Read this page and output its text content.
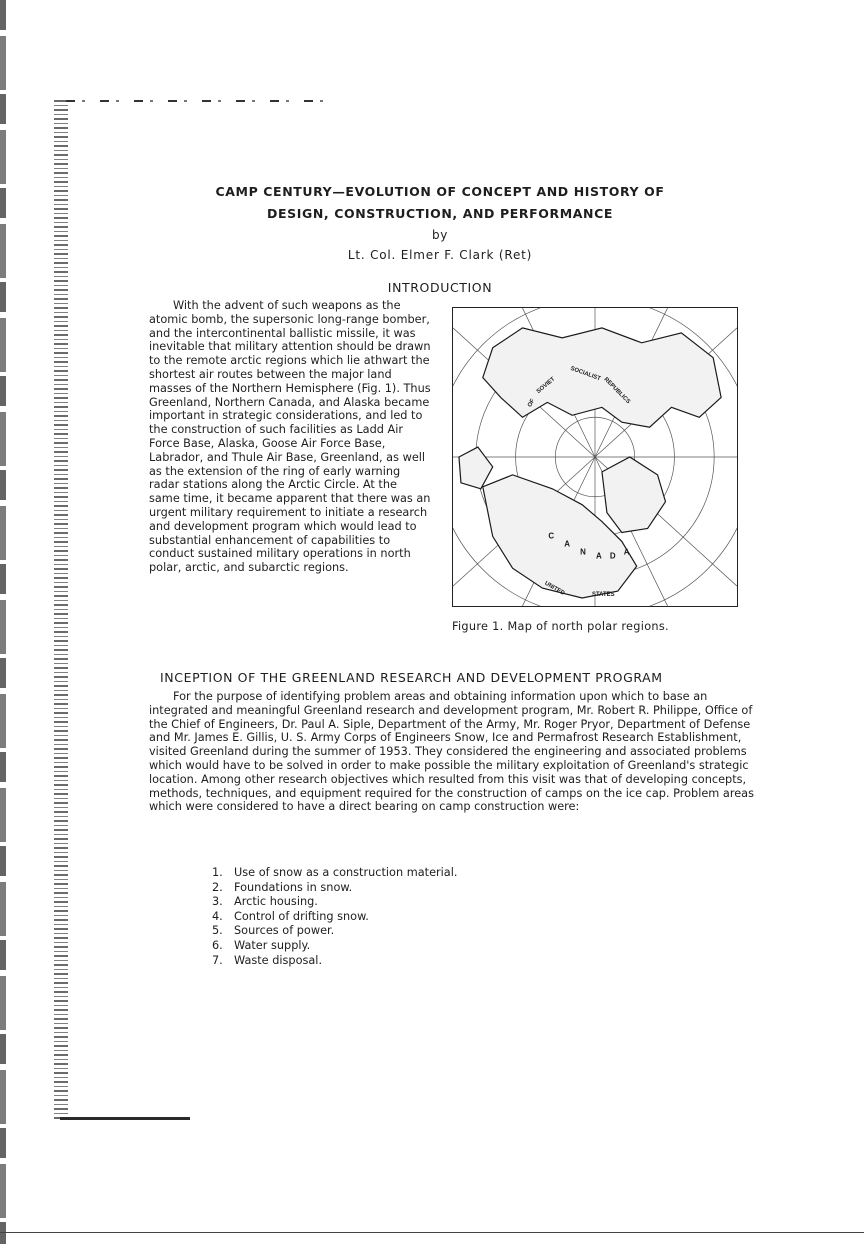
CAMP CENTURY—EVOLUTION OF CONCEPT AND HISTORY OF
DESIGN, CONSTRUCTION, AND PERFORMANCE

by

Lt. Col. Elmer F. Clark (Ret)

INTRODUCTION

With the advent of such weapons as the atomic bomb, the supersonic long-range bomber, and the intercontinental ballistic missile, it was inevitable that military attention should be drawn to the remote arctic regions which lie athwart the shortest air routes between the major land masses of the Northern Hemisphere (Fig. 1). Thus Greenland, Northern Canada, and Alaska became important in strategic considerations, and led to the construction of such facilities as Ladd Air Force Base, Alaska, Goose Air Force Base, Labrador, and Thule Air Base, Greenland, as well as the extension of the ring of early warning radar stations along the Arctic Circle. At the same time, it became apparent that there was an urgent military requirement to initiate a research and development program which would lead to substantial enhancement of capabilities to conduct sustained military operations in north polar, arctic, and subarctic regions.

SOCIALIST
REPUBLICS
OF
SOVIET
C
A
N A D A
UNITED	STATES

Figure 1. Map of north polar regions.

INCEPTION OF THE GREENLAND RESEARCH AND DEVELOPMENT PROGRAM

For the purpose of identifying problem areas and obtaining information upon which to base an integrated and meaningful Greenland research and development program, Mr. Robert R. Philippe, Office of the Chief of Engineers, Dr. Paul A. Siple, Department of the Army, Mr. Roger Pryor, Department of Defense and Mr. James E. Gillis, U. S. Army Corps of Engineers Snow, Ice and Permafrost Research Establishment, visited Greenland during the summer of 1953. They considered the engineering and associated problems which would have to be solved in order to make possible the military exploitation of Greenland's strategic location. Among other research objectives which resulted from this visit was that of developing concepts, methods, techniques, and equipment required for the construction of camps on the ice cap. Problem areas which were considered to have a direct bearing on camp construction were:

1. Use of snow as a construction material.
2. Foundations in snow.
3. Arctic housing.
4. Control of drifting snow.
5. Sources of power.
6. Water supply.
7. Waste disposal.
